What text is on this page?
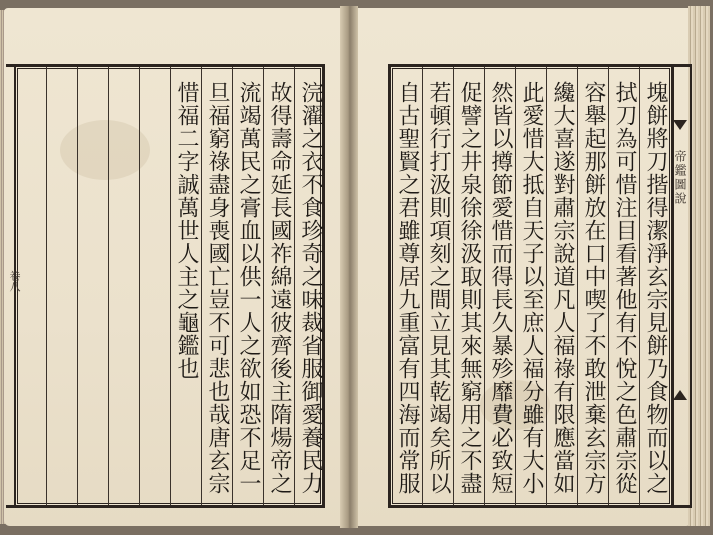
惜福二字誠萬世人主之龜鑑也 旦福窮祿盡身喪國亡豈不可悲也哉唐玄宗 流竭萬民之膏血以供一人之欲如恐不足一 故得壽命延長國祚綿遠彼齊後主隋煬帝之 浣濯之衣不食珍奇之味裁省服御愛養民力
卷八	塊餅將刀揩得潔淨玄宗見餅乃食物而以之
拭刀為可惜注目看著他有不悅之色肅宗從
容舉起那餅放在口中喫了不敢泄棄玄宗方
纔大喜遂對肅宗說道凡人福祿有限應當如
此愛惜大抵自天子以至庶人福分雖有大小
然皆以撙節愛惜而得長久暴殄靡費必致短
促譬之井泉徐徐汲取則其來無窮用之不盡
若頓行打汲則項刻之間立見其乾竭矣所以
自古聖賢之君雖尊居九重富有四海而常服	帝鑑圖說
